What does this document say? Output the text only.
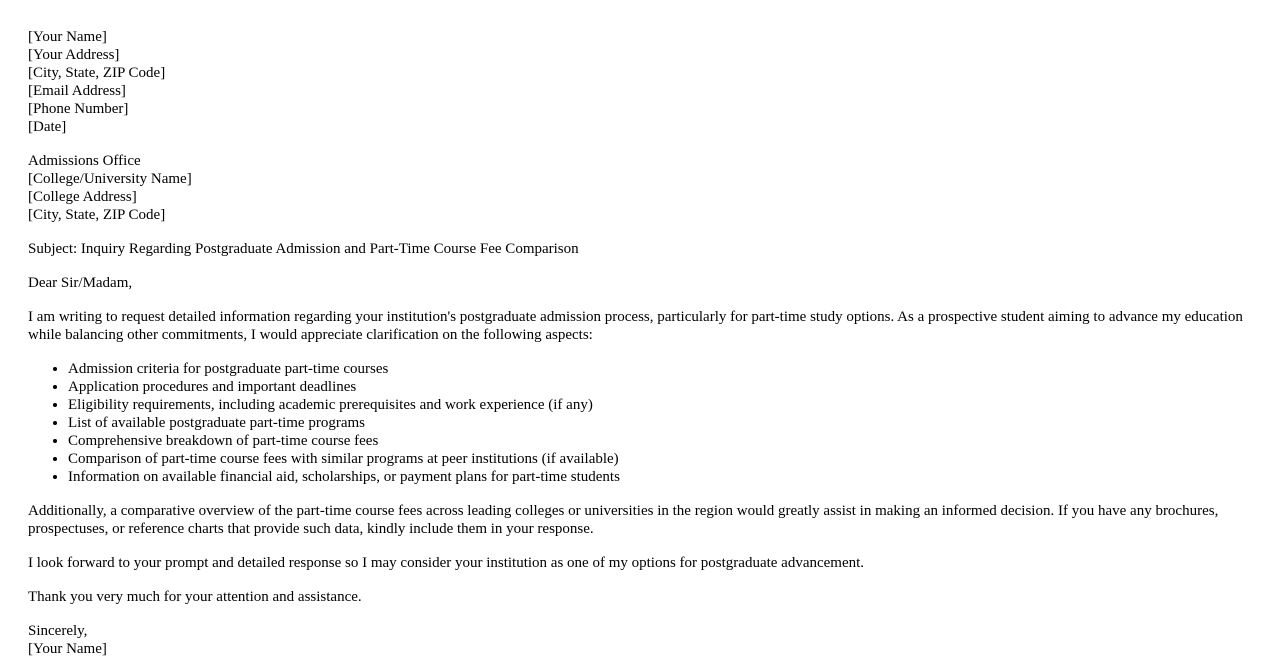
[Your Name]
[Your Address]
[City, State, ZIP Code]
[Email Address]
[Phone Number]
[Date]
Admissions Office
[College/University Name]
[College Address]
[City, State, ZIP Code]

Subject: Inquiry Regarding Postgraduate Admission and Part-Time Course Fee Comparison

Dear Sir/Madam,

I am writing to request detailed information regarding your institution's postgraduate admission process, particularly for part-time study options. As a prospective student aiming to advance my education while balancing other commitments, I would appreciate clarification on the following aspects:

• Admission criteria for postgraduate part-time courses
• Application procedures and important deadlines
• Eligibility requirements, including academic prerequisites and work experience (if any)
• List of available postgraduate part-time programs
• Comprehensive breakdown of part-time course fees
• Comparison of part-time course fees with similar programs at peer institutions (if available)
• Information on available financial aid, scholarships, or payment plans for part-time students

Additionally, a comparative overview of the part-time course fees across leading colleges or universities in the region would greatly assist in making an informed decision. If you have any brochures, prospectuses, or reference charts that provide such data, kindly include them in your response.

I look forward to your prompt and detailed response so I may consider your institution as one of my options for postgraduate advancement.

Thank you very much for your attention and assistance.

Sincerely,
[Your Name]
